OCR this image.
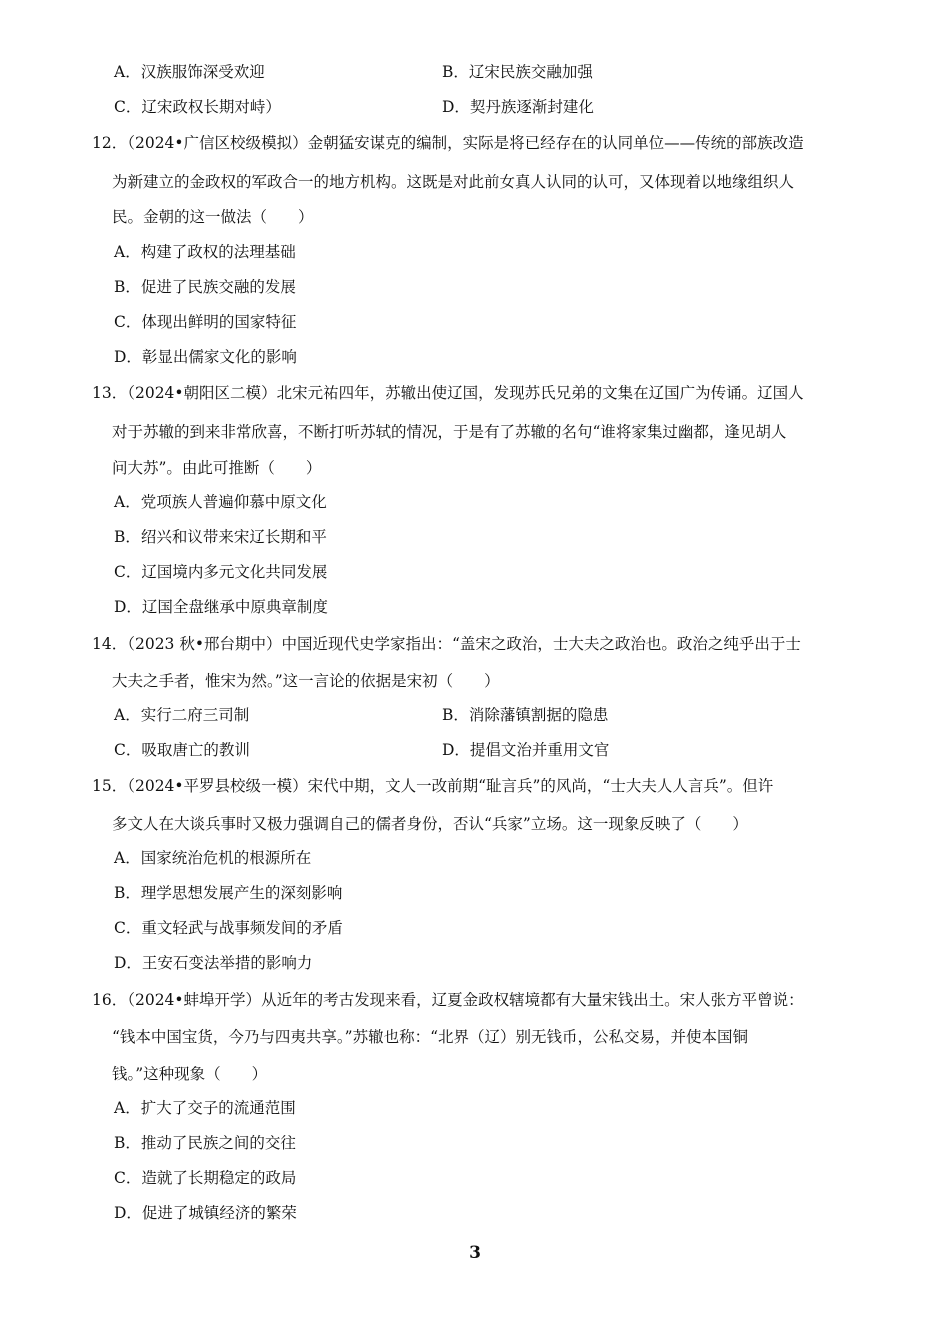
A．汉族服饰深受欢迎	B．辽宋民族交融加强
C．辽宋政权长期对峙）	D．契丹族逐渐封建化
12．（2024•广信区校级模拟）金朝猛安谋克的编制，实际是将已经存在的认同单位——传统的部族改造
为新建立的金政权的军政合一的地方机构。这既是对此前女真人认同的认可，又体现着以地缘组织人
民。金朝的这一做法（　　）
A．构建了政权的法理基础
B．促进了民族交融的发展
C．体现出鲜明的国家特征
D．彰显出儒家文化的影响
13．（2024•朝阳区二模）北宋元祐四年，苏辙出使辽国，发现苏氏兄弟的文集在辽国广为传诵。辽国人
对于苏辙的到来非常欣喜，不断打听苏轼的情况，于是有了苏辙的名句“谁将家集过幽都，逢见胡人
问大苏”。由此可推断（　　）
A．党项族人普遍仰慕中原文化
B．绍兴和议带来宋辽长期和平
C．辽国境内多元文化共同发展
D．辽国全盘继承中原典章制度
14．（2023 秋•邢台期中）中国近现代史学家指出：“盖宋之政治，士大夫之政治也。政治之纯乎出于士
大夫之手者，惟宋为然。”这一言论的依据是宋初（　　）
A．实行二府三司制	B．消除藩镇割据的隐患
C．吸取唐亡的教训	D．提倡文治并重用文官
15．（2024•平罗县校级一模）宋代中期，文人一改前期“耻言兵”的风尚，“士大夫人人言兵”。但许
多文人在大谈兵事时又极力强调自己的儒者身份，否认“兵家”立场。这一现象反映了（　　）
A．国家统治危机的根源所在
B．理学思想发展产生的深刻影响
C．重文轻武与战事频发间的矛盾
D．王安石变法举措的影响力
16．（2024•蚌埠开学）从近年的考古发现来看，辽夏金政权辖境都有大量宋钱出土。宋人张方平曾说：
“钱本中国宝货，今乃与四夷共享。”苏辙也称：“北界（辽）别无钱币，公私交易，并使本国铜
钱。”这种现象（　　）
A．扩大了交子的流通范围
B．推动了民族之间的交往
C．造就了长期稳定的政局
D．促进了城镇经济的繁荣
3
